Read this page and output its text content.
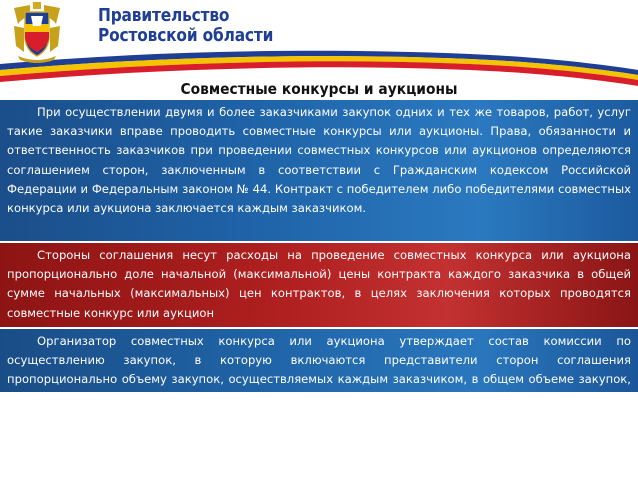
Правительство
Ростовской области
Совместные конкурсы и аукционы
При осуществлении двумя и более заказчиками закупок одних и тех же товаров, работ, услуг такие заказчики вправе проводить совместные конкурсы или аукционы. Права, обязанности и ответственность заказчиков при проведении совместных конкурсов или аукционов определяются соглашением сторон, заключенным в соответствии с Гражданским кодексом Российской Федерации и Федеральным законом № 44. Контракт с победителем либо победителями совместных конкурса или аукциона заключается каждым заказчиком.
Стороны соглашения несут расходы на проведение совместных конкурса или аукциона пропорционально доле начальной (максимальной) цены контракта каждого заказчика в общей сумме начальных (максимальных) цен контрактов, в целях заключения которых проводятся совместные конкурс или аукцион
Организатор совместных конкурса или аукциона утверждает состав комиссии по осуществлению закупок, в которую включаются представители сторон соглашения пропорционально объему закупок, осуществляемых каждым заказчиком, в общем объеме закупок, если иное не предусмотрено соглашением..
